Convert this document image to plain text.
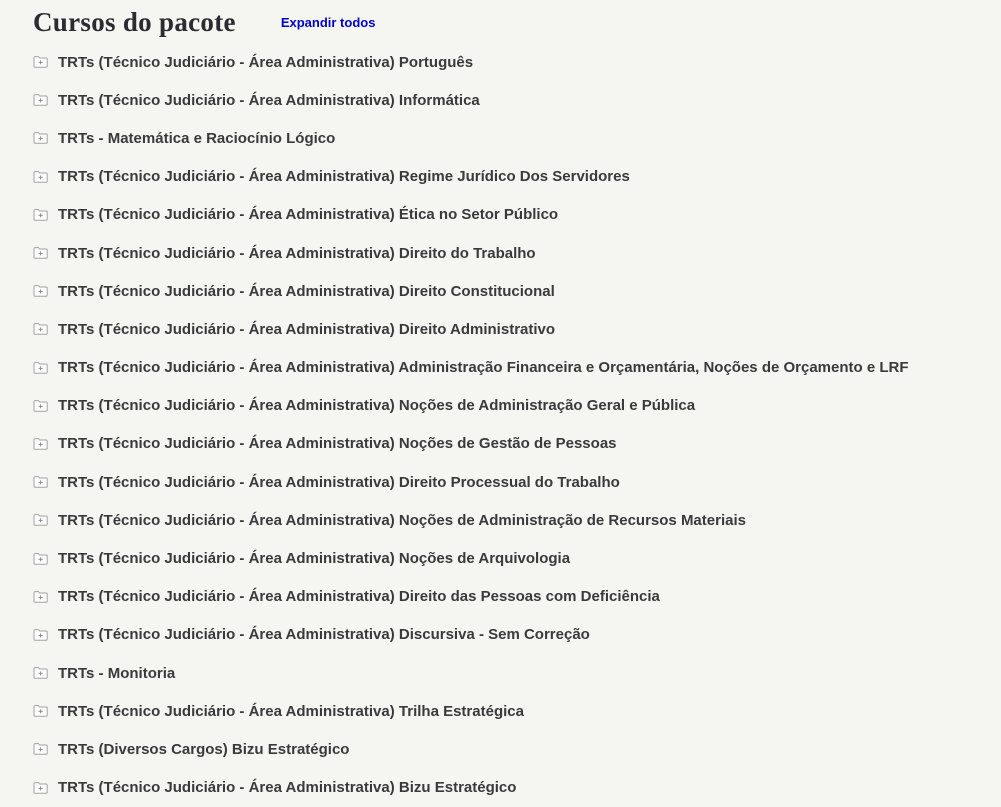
Cursos do pacote	Expandir todos
TRTs (Técnico Judiciário - Área Administrativa) Português
TRTs (Técnico Judiciário - Área Administrativa) Informática
TRTs - Matemática e Raciocínio Lógico
TRTs (Técnico Judiciário - Área Administrativa) Regime Jurídico Dos Servidores
TRTs (Técnico Judiciário - Área Administrativa) Ética no Setor Público
TRTs (Técnico Judiciário - Área Administrativa) Direito do Trabalho
TRTs (Técnico Judiciário - Área Administrativa) Direito Constitucional
TRTs (Técnico Judiciário - Área Administrativa) Direito Administrativo
TRTs (Técnico Judiciário - Área Administrativa) Administração Financeira e Orçamentária, Noções de Orçamento e LRF
TRTs (Técnico Judiciário - Área Administrativa) Noções de Administração Geral e Pública
TRTs (Técnico Judiciário - Área Administrativa) Noções de Gestão de Pessoas
TRTs (Técnico Judiciário - Área Administrativa) Direito Processual do Trabalho
TRTs (Técnico Judiciário - Área Administrativa) Noções de Administração de Recursos Materiais
TRTs (Técnico Judiciário - Área Administrativa) Noções de Arquivologia
TRTs (Técnico Judiciário - Área Administrativa) Direito das Pessoas com Deficiência
TRTs (Técnico Judiciário - Área Administrativa) Discursiva - Sem Correção
TRTs - Monitoria
TRTs (Técnico Judiciário - Área Administrativa) Trilha Estratégica
TRTs (Diversos Cargos) Bizu Estratégico
TRTs (Técnico Judiciário - Área Administrativa) Bizu Estratégico
